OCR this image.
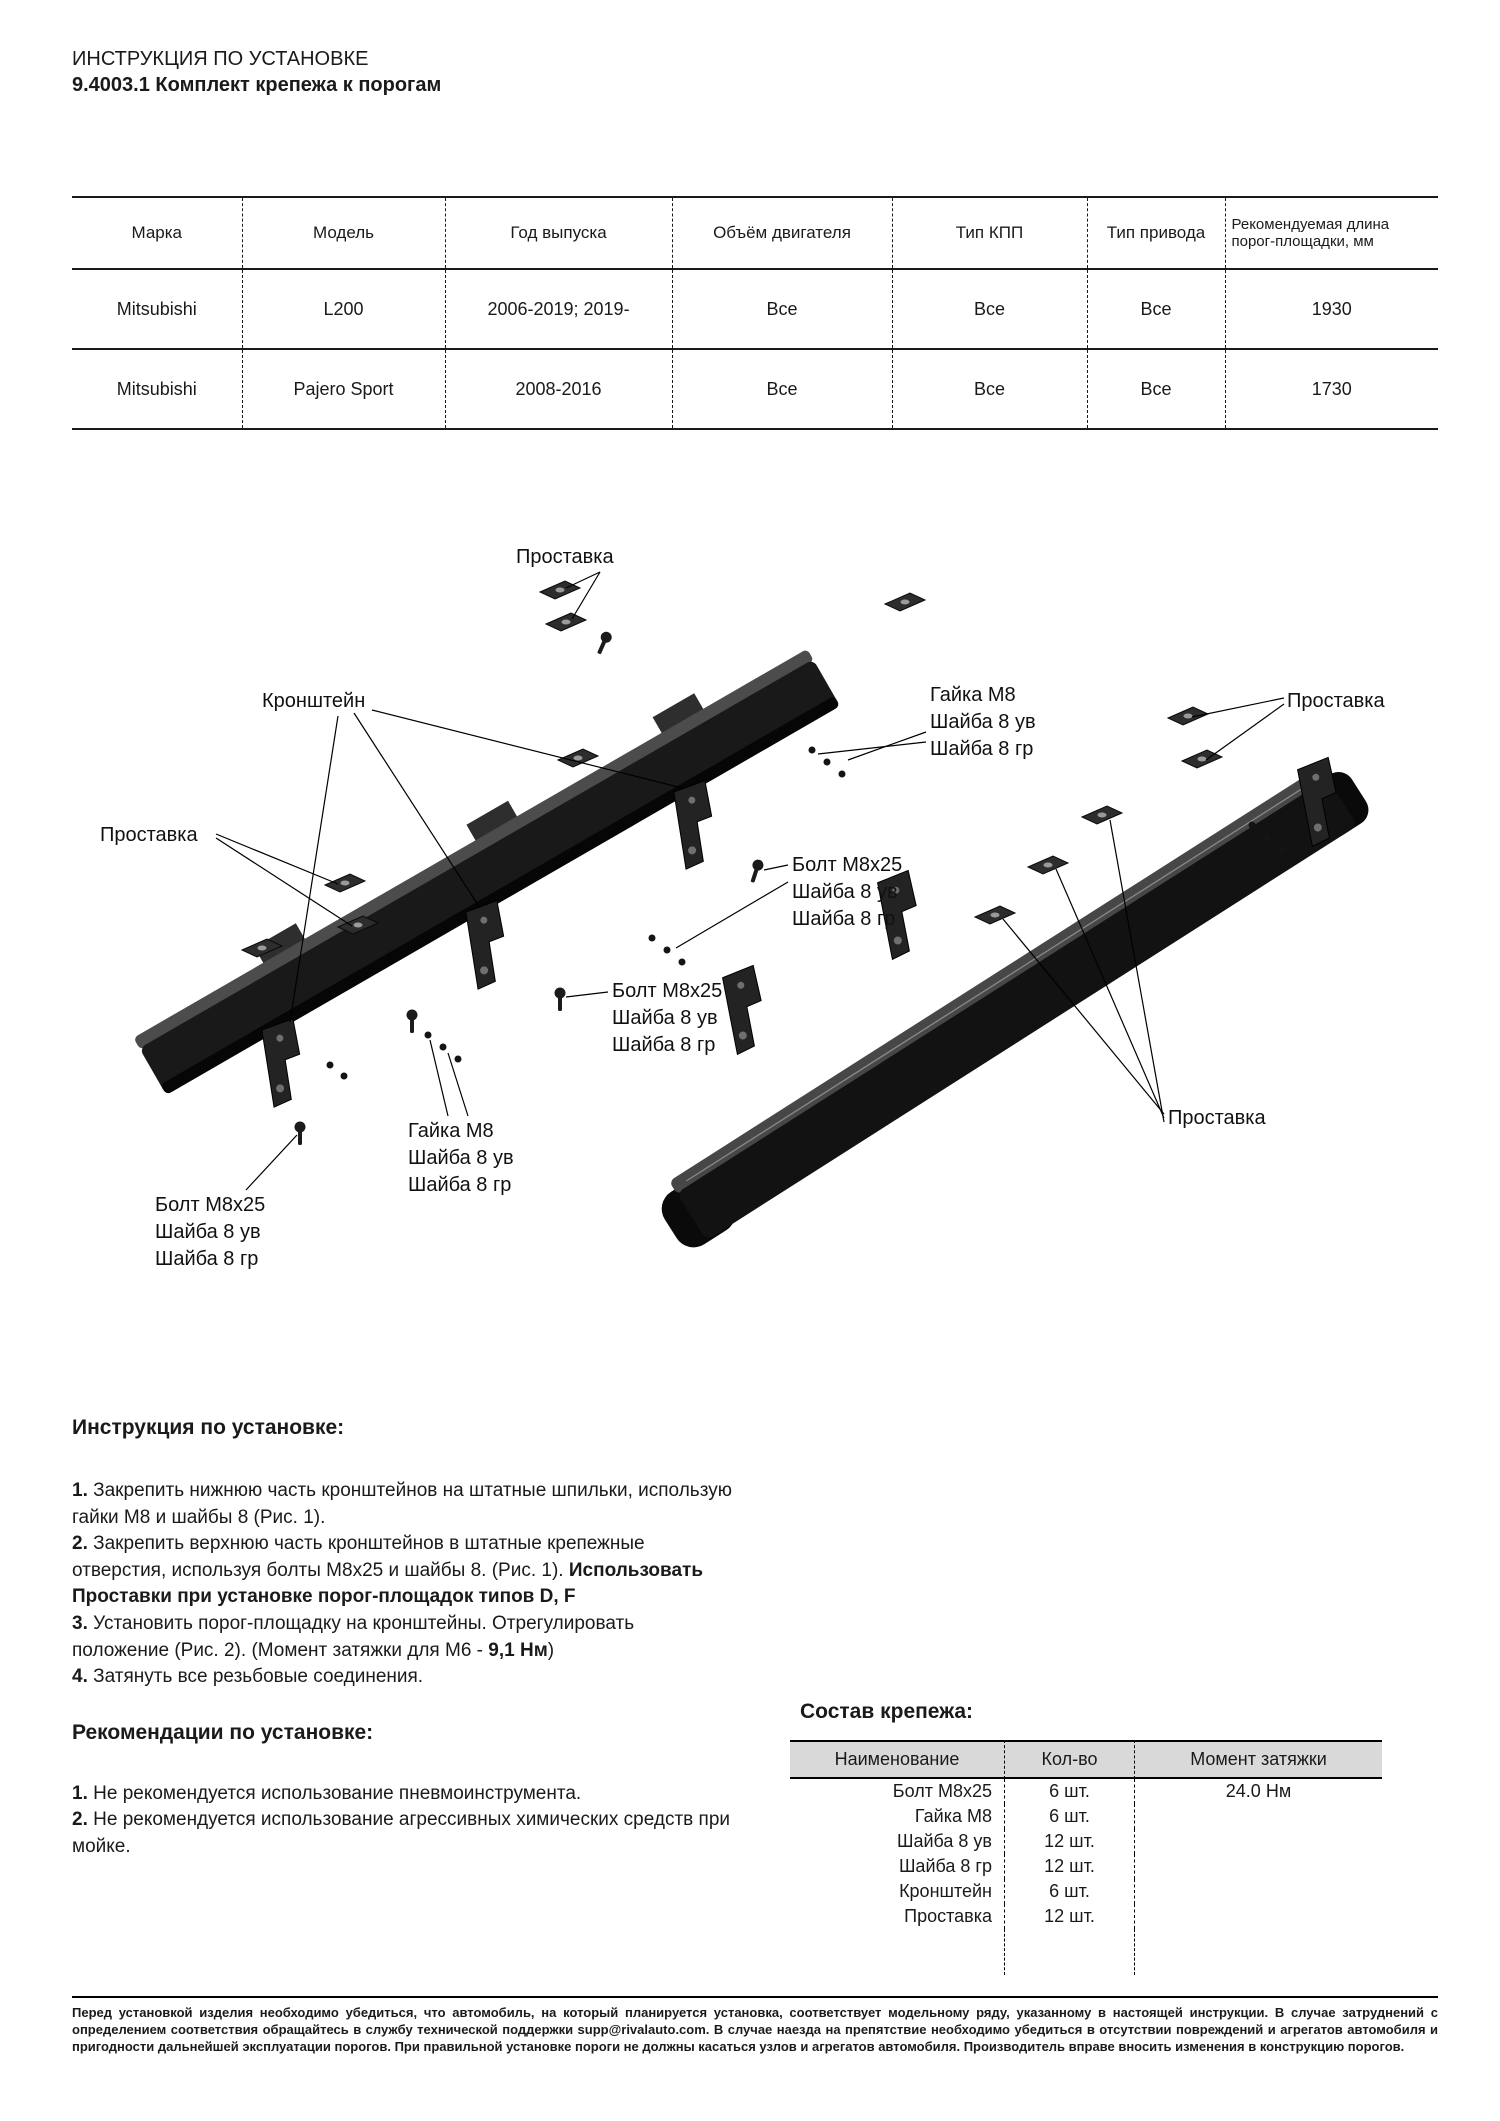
ИНСТРУКЦИЯ ПО УСТАНОВКЕ
9.4003.1 Комплект крепежа к порогам
Марка	Модель	Год выпуска	Объём двигателя	Тип КПП	Тип привода	Рекомендуемая длина порог-площадки, мм
Mitsubishi	L200	2006-2019; 2019-	Все	Все	Все	1930
Mitsubishi	Pajero Sport	2008-2016	Все	Все	Все	1730
Проставка
Кронштейн	Гайка М8
Шайба 8 ув
Шайба 8 гр
Проставка
Проставка
Болт М8х25
Шайба 8 ув
Шайба 8 гр
Болт М8х25
Шайба 8 ув
Шайба 8 гр
Гайка М8
Шайба 8 ув
Шайба 8 гр
Болт М8х25
Шайба 8 ув
Шайба 8 гр
Проставка
Инструкция по установке:

1. Закрепить нижнюю часть кронштейнов на штатные шпильки, использую гайки М8 и шайбы 8 (Рис. 1).

2. Закрепить верхнюю часть кронштейнов в штатные крепежные отверстия, используя болты М8х25 и шайбы 8. (Рис. 1). Использовать Проставки при установке порог-площадок типов D, F

3. Установить порог-площадку на кронштейны. Отрегулировать положение (Рис. 2). (Момент затяжки для М6 - 9,1 Нм)

4. Затянуть все резьбовые соединения.

Рекомендации по установке:

1. Не рекомендуется использование пневмоинструмента.

2. Не рекомендуется использование агрессивных химических средств при мойке.

Состав крепежа:
Наименование	Кол-во	Момент затяжки
Болт М8х25	6 шт.	24.0 Нм
Гайка М8	6 шт.
Шайба 8 ув	12 шт.
Шайба 8 гр	12 шт.
Кронштейн	6 шт.
Проставка	12 шт.
Перед установкой изделия необходимо убедиться, что автомобиль, на который планируется установка, соответствует модельному ряду, указанному в настоящей инструкции. В случае затруднений с определением соответствия обращайтесь в службу технической поддержки supp@rivalauto.com. В случае наезда на препятствие необходимо убедиться в отсутствии повреждений и агрегатов автомобиля и пригодности дальнейшей эксплуатации порогов. При правильной установке пороги не должны касаться узлов и агрегатов автомобиля. Производитель вправе вносить изменения в конструкцию порогов.
